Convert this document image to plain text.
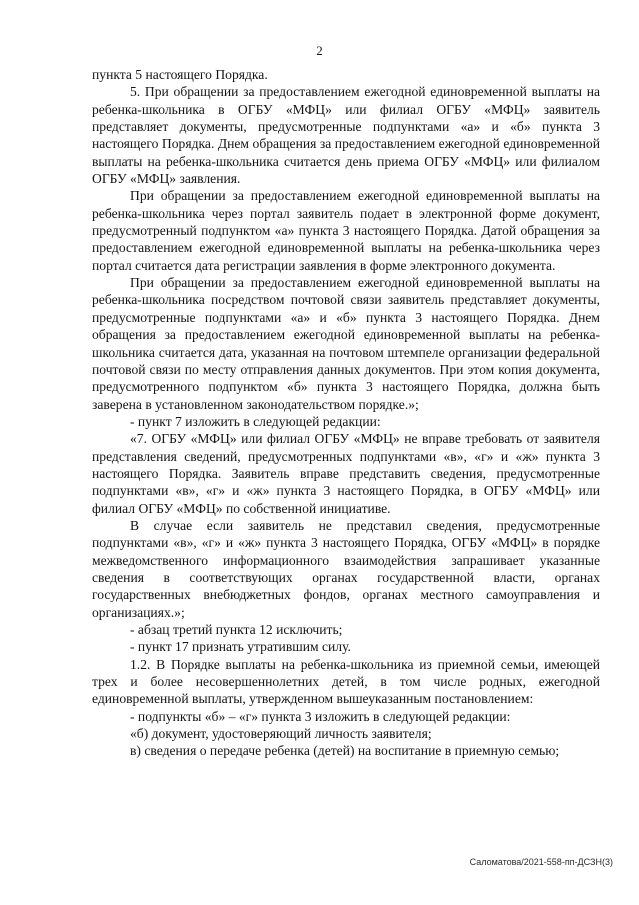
2

пункта 5 настоящего Порядка.

5. При обращении за предоставлением ежегодной единовременной выплаты на ребенка-школьника в ОГБУ «МФЦ» или филиал ОГБУ «МФЦ» заявитель представляет документы, предусмотренные подпунктами «а» и «б» пункта 3 настоящего Порядка. Днем обращения за предоставлением ежегодной единовременной выплаты на ребенка-школьника считается день приема ОГБУ «МФЦ» или филиалом ОГБУ «МФЦ» заявления.

При обращении за предоставлением ежегодной единовременной выплаты на ребенка-школьника через портал заявитель подает в электронной форме документ, предусмотренный подпунктом «а» пункта 3 настоящего Порядка. Датой обращения за предоставлением ежегодной единовременной выплаты на ребенка-школьника через портал считается дата регистрации заявления в форме электронного документа.

При обращении за предоставлением ежегодной единовременной выплаты на ребенка-школьника посредством почтовой связи заявитель представляет документы, предусмотренные подпунктами «а» и «б» пункта 3 настоящего Порядка. Днем обращения за предоставлением ежегодной единовременной выплаты на ребенка-школьника считается дата, указанная на почтовом штемпеле организации федеральной почтовой связи по месту отправления данных документов. При этом копия документа, предусмотренного подпунктом «б» пункта 3 настоящего Порядка, должна быть заверена в установленном законодательством порядке.»;

- пункт 7 изложить в следующей редакции:

«7. ОГБУ «МФЦ» или филиал ОГБУ «МФЦ» не вправе требовать от заявителя представления сведений, предусмотренных подпунктами «в», «г» и «ж» пункта 3 настоящего Порядка. Заявитель вправе представить сведения, предусмотренные подпунктами «в», «г» и «ж» пункта 3 настоящего Порядка, в ОГБУ «МФЦ» или филиал ОГБУ «МФЦ» по собственной инициативе.

В случае если заявитель не представил сведения, предусмотренные подпунктами «в», «г» и «ж» пункта 3 настоящего Порядка, ОГБУ «МФЦ» в порядке межведомственного информационного взаимодействия запрашивает указанные сведения в соответствующих органах государственной власти, органах государственных внебюджетных фондов, органах местного самоуправления и организациях.»;

- абзац третий пункта 12 исключить;

- пункт 17 признать утратившим силу.

1.2. В Порядке выплаты на ребенка-школьника из приемной семьи, имеющей трех и более несовершеннолетних детей, в том числе родных, ежегодной единовременной выплаты, утвержденном вышеуказанным постановлением:

- подпункты «б» – «г» пункта 3 изложить в следующей редакции:

«б) документ, удостоверяющий личность заявителя;

в) сведения о передаче ребенка (детей) на воспитание в приемную семью;

Саломатова/2021-558-пп-ДСЗН(3)
